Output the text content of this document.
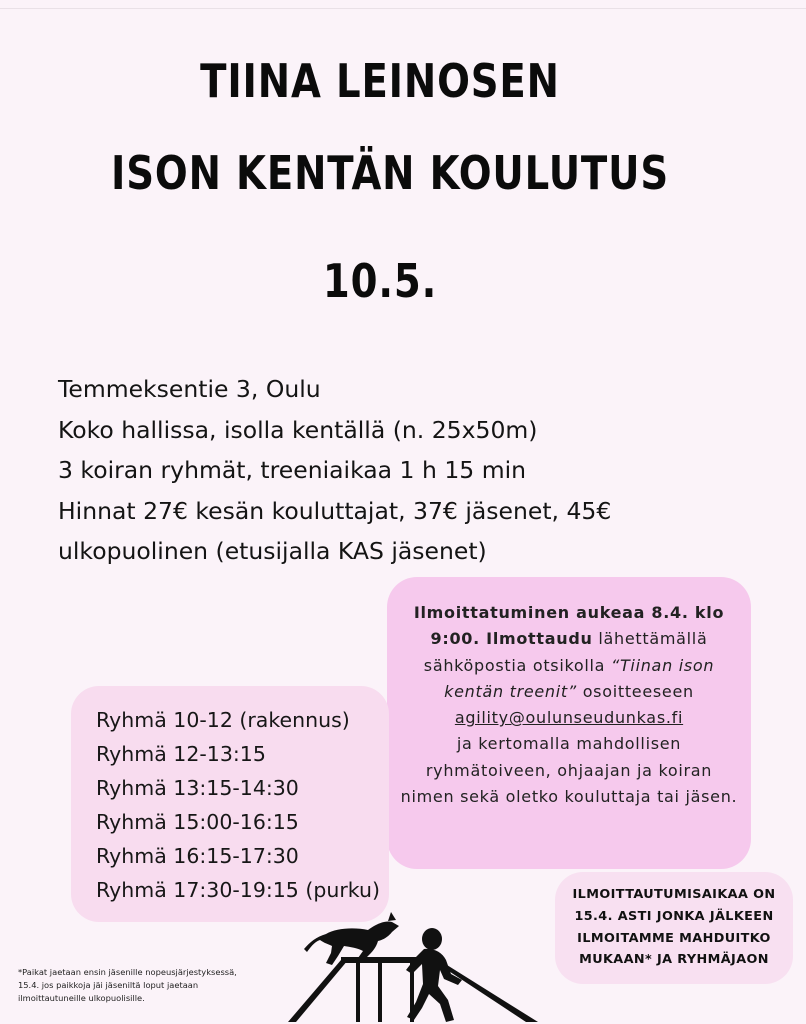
TIINA LEINOSEN
ISON KENTÄN KOULUTUS
10.5.
Temmeksentie 3, Oulu
Koko hallissa, isolla kentällä (n. 25x50m)
3 koiran ryhmät, treeniaikaa 1 h 15 min
Hinnat 27€ kesän kouluttajat, 37€ jäsenet, 45€
ulkopuolinen (etusijalla KAS jäsenet)
Ilmoittatuminen aukeaa 8.4. klo 9:00. Ilmottaudu lähettämällä sähköpostia otsikolla “Tiinan ison kentän treenit” osoitteeseen
agility@oulunseudunkas.fi
ja kertomalla mahdollisen ryhmätoiveen, ohjaajan ja koiran nimen sekä oletko kouluttaja tai jäsen.
Ryhmä 10-12 (rakennus)
Ryhmä 12-13:15
Ryhmä 13:15-14:30
Ryhmä 15:00-16:15
Ryhmä 16:15-17:30
Ryhmä 17:30-19:15 (purku)	ILMOITTAUTUMISAIKAA ON
15.4. ASTI JONKA JÄLKEEN
ILMOITAMME MAHDUITKO
MUKAAN* JA RYHMÄJAON
*Paikat jaetaan ensin jäsenille nopeusjärjestyksessä,
15.4. jos paikkoja jäi jäseniltä loput jaetaan
ilmoittautuneille ulkopuolisille.
